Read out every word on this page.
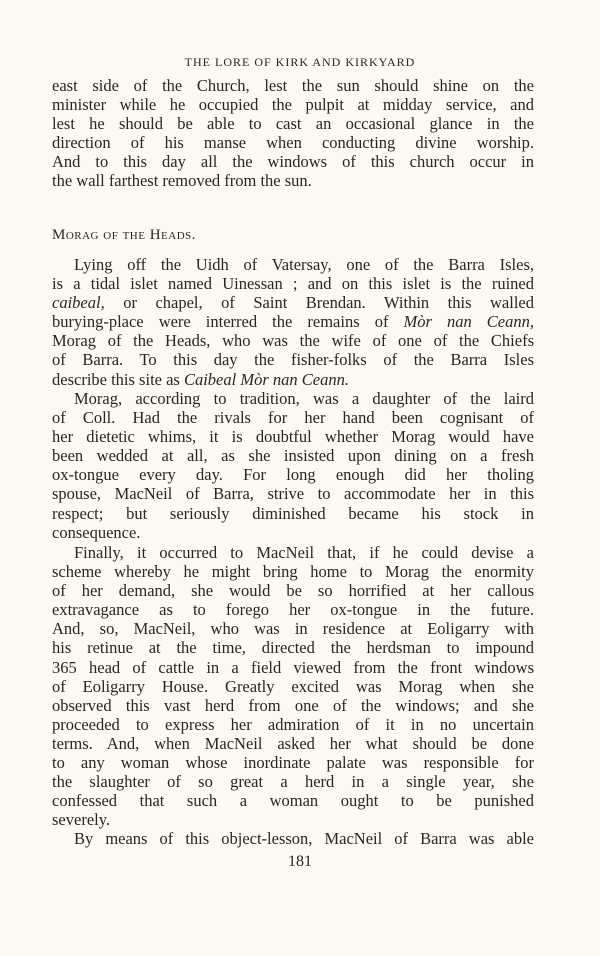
THE LORE OF KIRK AND KIRKYARD
east side of the Church, lest the sun should shine on the
minister while he occupied the pulpit at midday service, and
lest he should be able to cast an occasional glance in the
direction of his manse when conducting divine worship.
And to this day all the windows of this church occur in
the wall farthest removed from the sun.
Morag of the Heads.
Lying off the Uidh of Vatersay, one of the Barra Isles,
is a tidal islet named Uinessan ; and on this islet is the ruined
caibeal, or chapel, of Saint Brendan. Within this walled
burying-place were interred the remains of Mòr nan Ceann,
Morag of the Heads, who was the wife of one of the Chiefs
of Barra. To this day the fisher-folks of the Barra Isles
describe this site as Caibeal Mòr nan Ceann.
Morag, according to tradition, was a daughter of the laird
of Coll. Had the rivals for her hand been cognisant of
her dietetic whims, it is doubtful whether Morag would have
been wedded at all, as she insisted upon dining on a fresh
ox-tongue every day. For long enough did her tholing
spouse, MacNeil of Barra, strive to accommodate her in this
respect; but seriously diminished became his stock in
consequence.
Finally, it occurred to MacNeil that, if he could devise a
scheme whereby he might bring home to Morag the enormity
of her demand, she would be so horrified at her callous
extravagance as to forego her ox-tongue in the future.
And, so, MacNeil, who was in residence at Eoligarry with
his retinue at the time, directed the herdsman to impound
365 head of cattle in a field viewed from the front windows
of Eoligarry House. Greatly excited was Morag when she
observed this vast herd from one of the windows; and she
proceeded to express her admiration of it in no uncertain
terms. And, when MacNeil asked her what should be done
to any woman whose inordinate palate was responsible for
the slaughter of so great a herd in a single year, she
confessed that such a woman ought to be punished
severely.
By means of this object-lesson, MacNeil of Barra was able
181
